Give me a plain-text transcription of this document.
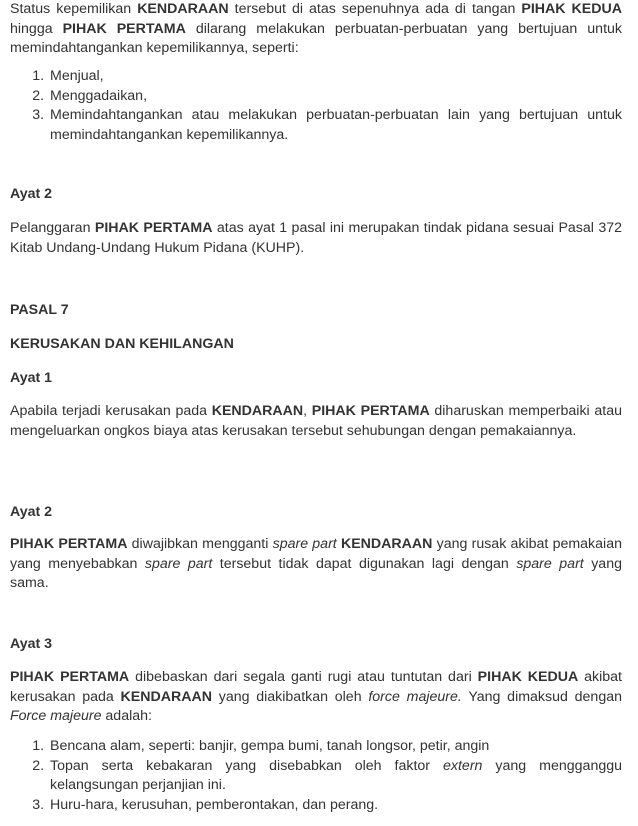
Status kepemilikan KENDARAAN tersebut di atas sepenuhnya ada di tangan PIHAK KEDUA hingga PIHAK PERTAMA dilarang melakukan perbuatan-perbuatan yang bertujuan untuk memindahtangankan kepemilikannya, seperti:

1. Menjual,
2. Menggadaikan,
3. Memindahtangankan atau melakukan perbuatan-perbuatan lain yang bertujuan untuk memindahtangankan kepemilikannya.
Ayat 2

Pelanggaran PIHAK PERTAMA atas ayat 1 pasal ini merupakan tindak pidana sesuai Pasal 372 Kitab Undang-Undang Hukum Pidana (KUHP).

PASAL 7
KERUSAKAN DAN KEHILANGAN
Ayat 1

Apabila terjadi kerusakan pada KENDARAAN, PIHAK PERTAMA diharuskan memperbaiki atau mengeluarkan ongkos biaya atas kerusakan tersebut sehubungan dengan pemakaiannya.

Ayat 2

PIHAK PERTAMA diwajibkan mengganti spare part KENDARAAN yang rusak akibat pemakaian yang menyebabkan spare part tersebut tidak dapat digunakan lagi dengan spare part yang sama.

Ayat 3

PIHAK PERTAMA dibebaskan dari segala ganti rugi atau tuntutan dari PIHAK KEDUA akibat kerusakan pada KENDARAAN yang diakibatkan oleh force majeure. Yang dimaksud dengan Force majeure adalah:

1. Bencana alam, seperti: banjir, gempa bumi, tanah longsor, petir, angin
2. Topan serta kebakaran yang disebabkan oleh faktor extern yang mengganggu kelangsungan perjanjian ini.
3. Huru-hara, kerusuhan, pemberontakan, dan perang.
